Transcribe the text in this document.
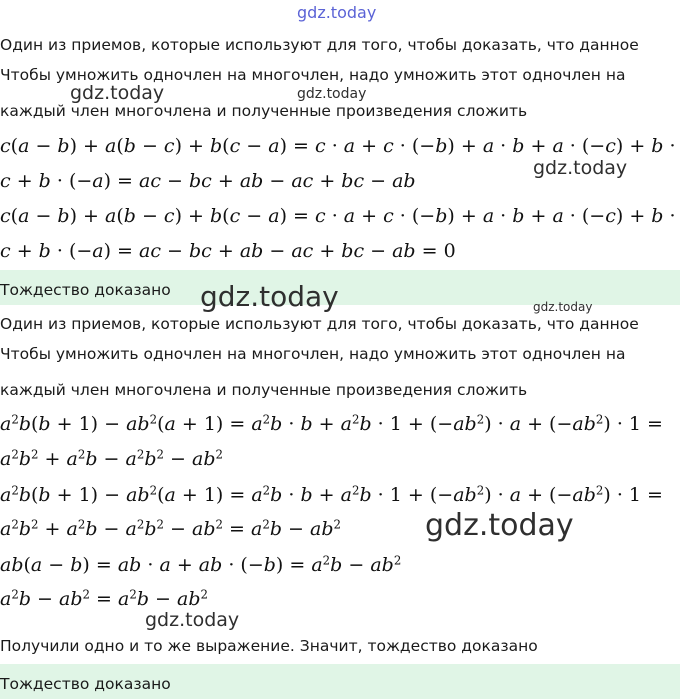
gdz.today
Один из приемов, которые используют для того, чтобы доказать, что данное
Чтобы умножить одночлен на многочлен, надо умножить этот одночлен на
gdz.today	gdz.today
каждый член многочлена и полученные произведения сложить
c(a − b) + a(b − c) + b(c − a) = c · a + c · (−b) + a · b + a · (−c) + b ·
gdz.today
c + b · (−a) = ac − bc + ab − ac + bc − ab
c(a − b) + a(b − c) + b(c − a) = c · a + c · (−b) + a · b + a · (−c) + b ·
c + b · (−a) = ac − bc + ab − ac + bc − ab = 0
Тождество доказано gdz.today	gdz.today
Один из приемов, которые используют для того, чтобы доказать, что данное
Чтобы умножить одночлен на многочлен, надо умножить этот одночлен на
каждый член многочлена и полученные произведения сложить
$a^2b(b + 1) - ab^2(a + 1) = a^2b \cdot b + a^2b \cdot 1 + (-ab^2) \cdot a + (-ab^2) \cdot 1$ =
$a^2b^2 + a^2b - a^2b^2 - ab^2$
$a^2b(b + 1) - ab^2(a + 1) = a^2b \cdot b + a^2b \cdot 1 + (-ab^2) \cdot a + (-ab^2) \cdot 1$ =
$a^2b^2 + a^2b - a^2b^2 - ab^2 = a^2b - ab^2$	gdz.today
ab(a − b) = ab · a + ab · $(-b) = a^2b - ab^2$
$a^2b - ab^2 = a^2b - ab^2$
gdz.today
Получили одно и то же выражение. Значит, тождество доказано
Тождество доказано
